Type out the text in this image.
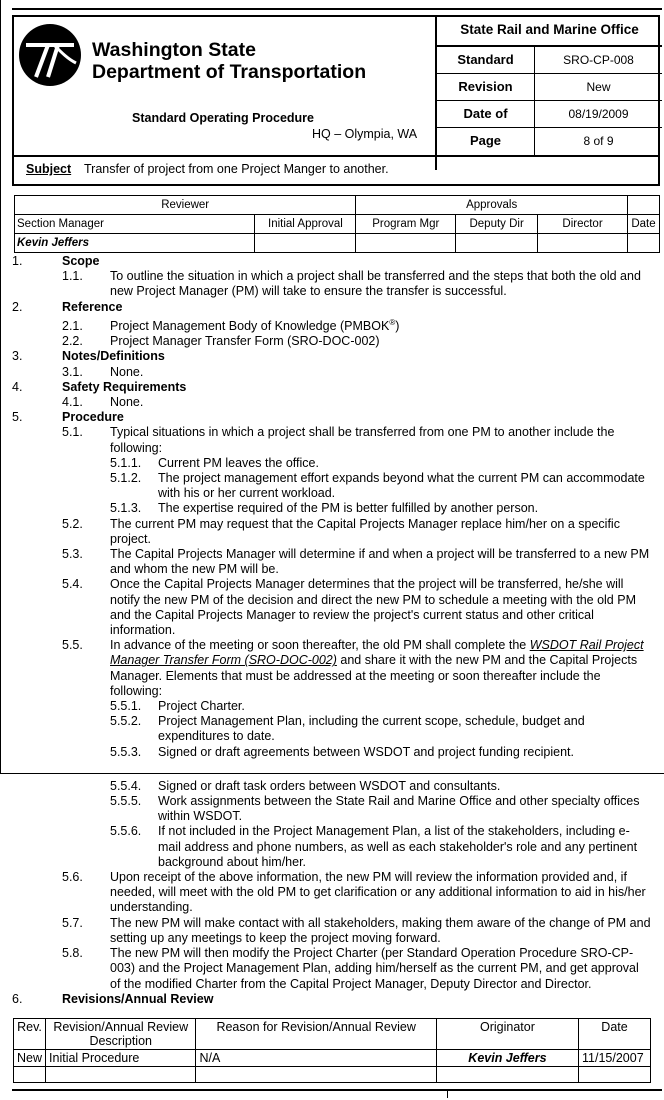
Washington State
Department of Transportation
Standard Operating Procedure
HQ – Olympia, WA
State Rail and Marine Office
Standard	SRO-CP-008
Revision	New
Date of	08/19/2009
Page	8 of 9
Subject Transfer of project from one Project Manger to another.
Reviewer		Approvals			
Section Manager	Initial Approval	Program Mgr	Deputy Dir	Director	Date
Kevin Jeffers					
1.	Scope
1.1.	To outline the situation in which a project shall be transferred and the steps that both the old and new Project Manager (PM) will take to ensure the transfer is successful.
2.	Reference
2.1.	Project Management Body of Knowledge (PMBOK®)
2.2.	Project Manager Transfer Form (SRO-DOC-002)
3.	Notes/Definitions
3.1.	None.
4.	Safety Requirements
4.1.	None.
5.	Procedure
5.1.	Typical situations in which a project shall be transferred from one PM to another include the following:
5.1.1.	Current PM leaves the office.
5.1.2.	The project management effort expands beyond what the current PM can accommodate with his or her current workload.
5.1.3.	The expertise required of the PM is better fulfilled by another person.
5.2.	The current PM may request that the Capital Projects Manager replace him/her on a specific project.
5.3.	The Capital Projects Manager will determine if and when a project will be transferred to a new PM and whom the new PM will be.
5.4.	Once the Capital Projects Manager determines that the project will be transferred, he/she will notify the new PM of the decision and direct the new PM to schedule a meeting with the old PM and the Capital Projects Manager to review the project's current status and other critical information.
5.5.	In advance of the meeting or soon thereafter, the old PM shall complete the WSDOT Rail Project Manager Transfer Form (SRO-DOC-002) and share it with the new PM and the Capital Projects Manager. Elements that must be addressed at the meeting or soon thereafter include the following:
5.5.1.	Project Charter.
5.5.2.	Project Management Plan, including the current scope, schedule, budget and expenditures to date.
5.5.3.	Signed or draft agreements between WSDOT and project funding recipient.
5.5.4.	Signed or draft task orders between WSDOT and consultants.
5.5.5.	Work assignments between the State Rail and Marine Office and other specialty offices within WSDOT.
5.5.6.	If not included in the Project Management Plan, a list of the stakeholders, including e-mail address and phone numbers, as well as each stakeholder's role and any pertinent background about him/her.
5.6.	Upon receipt of the above information, the new PM will review the information provided and, if needed, will meet with the old PM to get clarification or any additional information to aid in his/her understanding.
5.7.	The new PM will make contact with all stakeholders, making them aware of the change of PM and setting up any meetings to keep the project moving forward.
5.8.	The new PM will then modify the Project Charter (per Standard Operation Procedure SRO-CP-003) and the Project Management Plan, adding him/herself as the current PM, and get approval of the modified Charter from the Capital Project Manager, Deputy Director and Director.
6.	Revisions/Annual Review
Rev.	Revision/Annual Review Description	Reason for Revision/Annual Review	Originator	Date
New	Initial Procedure	N/A	Kevin Jeffers	11/15/2007
